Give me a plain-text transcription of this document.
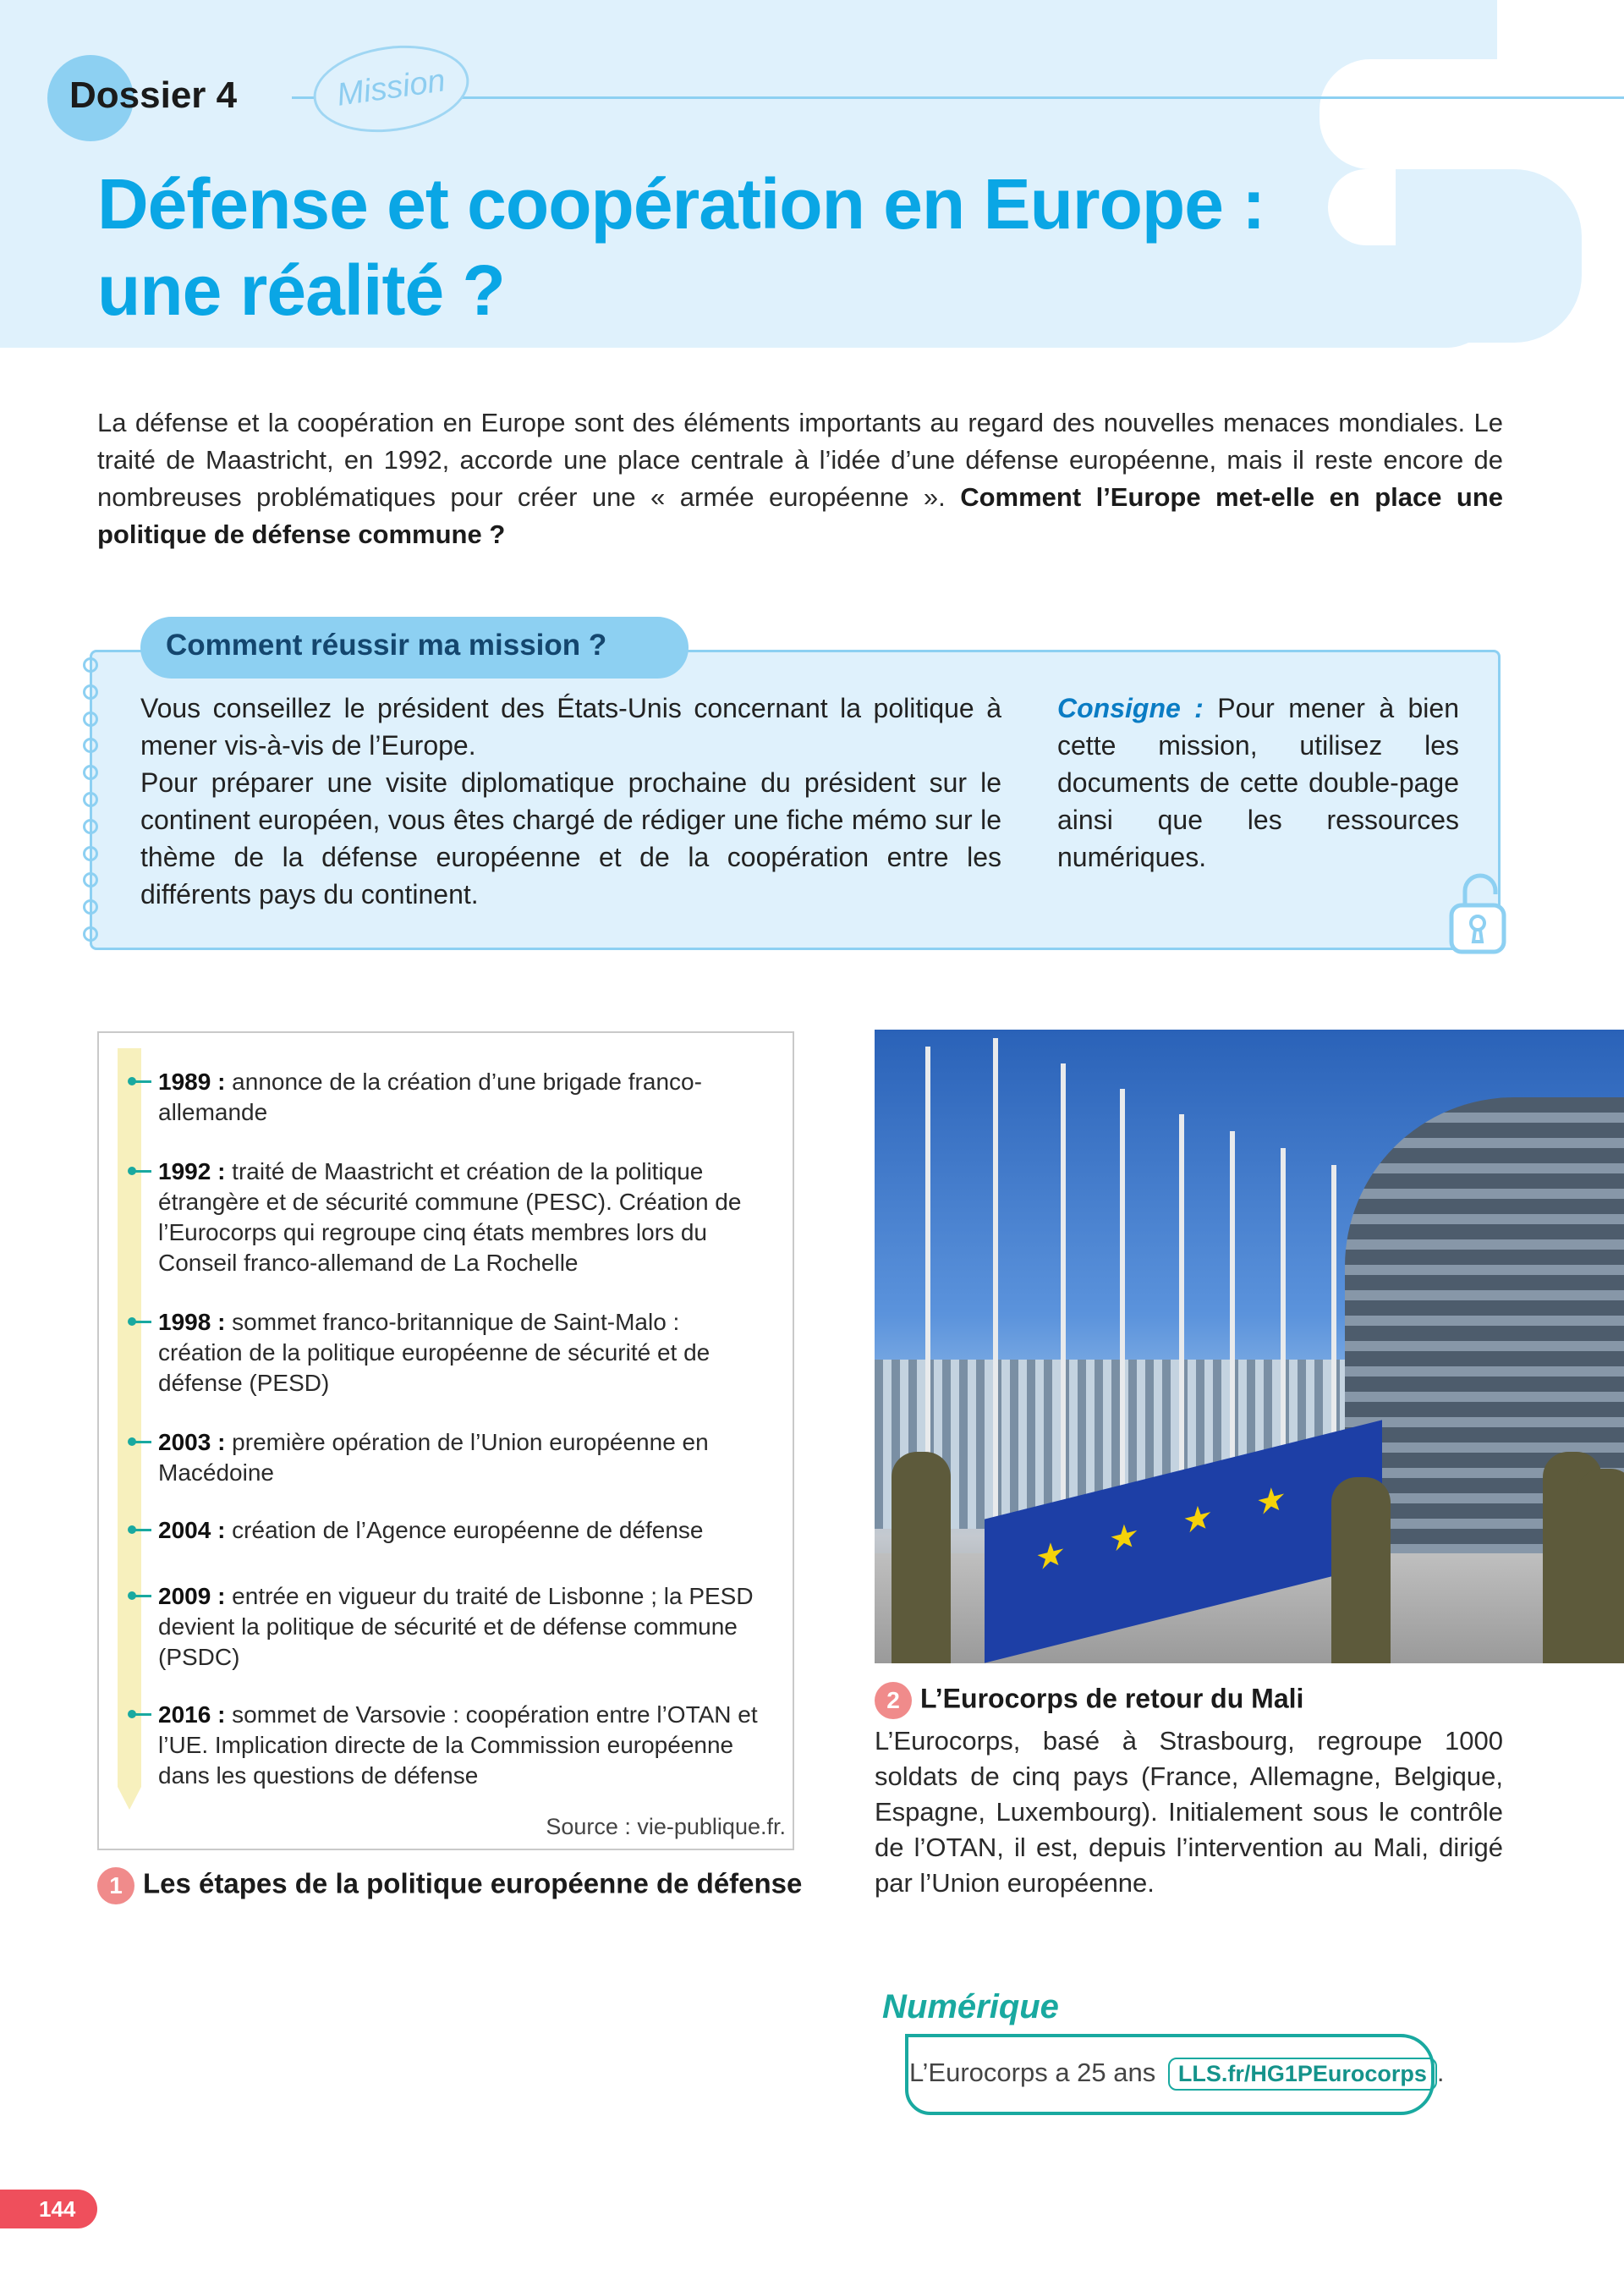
Dossier 4	Mission
Défense et coopération en Europe :
une réalité ?

La défense et la coopération en Europe sont des éléments importants au regard des nouvelles menaces mondiales. Le traité de Maastricht, en 1992, accorde une place centrale à l’idée d’une défense européenne, mais il reste encore de nombreuses problématiques pour créer une « armée européenne ». Comment l’Europe met-elle en place une politique de défense commune ?

Comment réussir ma mission ?

Vous conseillez le président des États-Unis concernant la politique à mener vis-à-vis de l’Europe.

Pour préparer une visite diplomatique prochaine du président sur le continent européen, vous êtes chargé de rédiger une fiche mémo sur le thème de la défense européenne et de la coopération entre les différents pays du continent.

Consigne : Pour mener à bien cette mission, utilisez les documents de cette double-page ainsi que les ressources numériques.

1989 : annonce de la création d’une brigade franco-allemande
1992 : traité de Maastricht et création de la politique étrangère et de sécurité commune (PESC). Création de l’Eurocorps qui regroupe cinq états membres lors du Conseil franco-allemand de La Rochelle
1998 : sommet franco-britannique de Saint-Malo : création de la politique européenne de sécurité et de défense (PESD)
2003 : première opération de l’Union européenne en Macédoine
2004 : création de l’Agence européenne de défense
2009 : entrée en vigueur du traité de Lisbonne ; la PESD devient la politique de sécurité et de défense commune (PSDC)
2016 : sommet de Varsovie : coopération entre l’OTAN et l’UE. Implication directe de la Commission européenne dans les questions de défense
Source : vie-publique.fr.
1 Les étapes de la politique européenne de défense
★ ★ ★ ★
2 L’Eurocorps de retour du Mali

L’Eurocorps, basé à Strasbourg, regroupe 1000 soldats de cinq pays (France, Allemagne, Belgique, Espagne, Luxembourg). Initialement sous le contrôle de l’OTAN, il est, depuis l’intervention au Mali, dirigé par l’Union européenne.

Numérique
L’Eurocorps a 25 ans LLS.fr/HG1PEurocorps .
144
